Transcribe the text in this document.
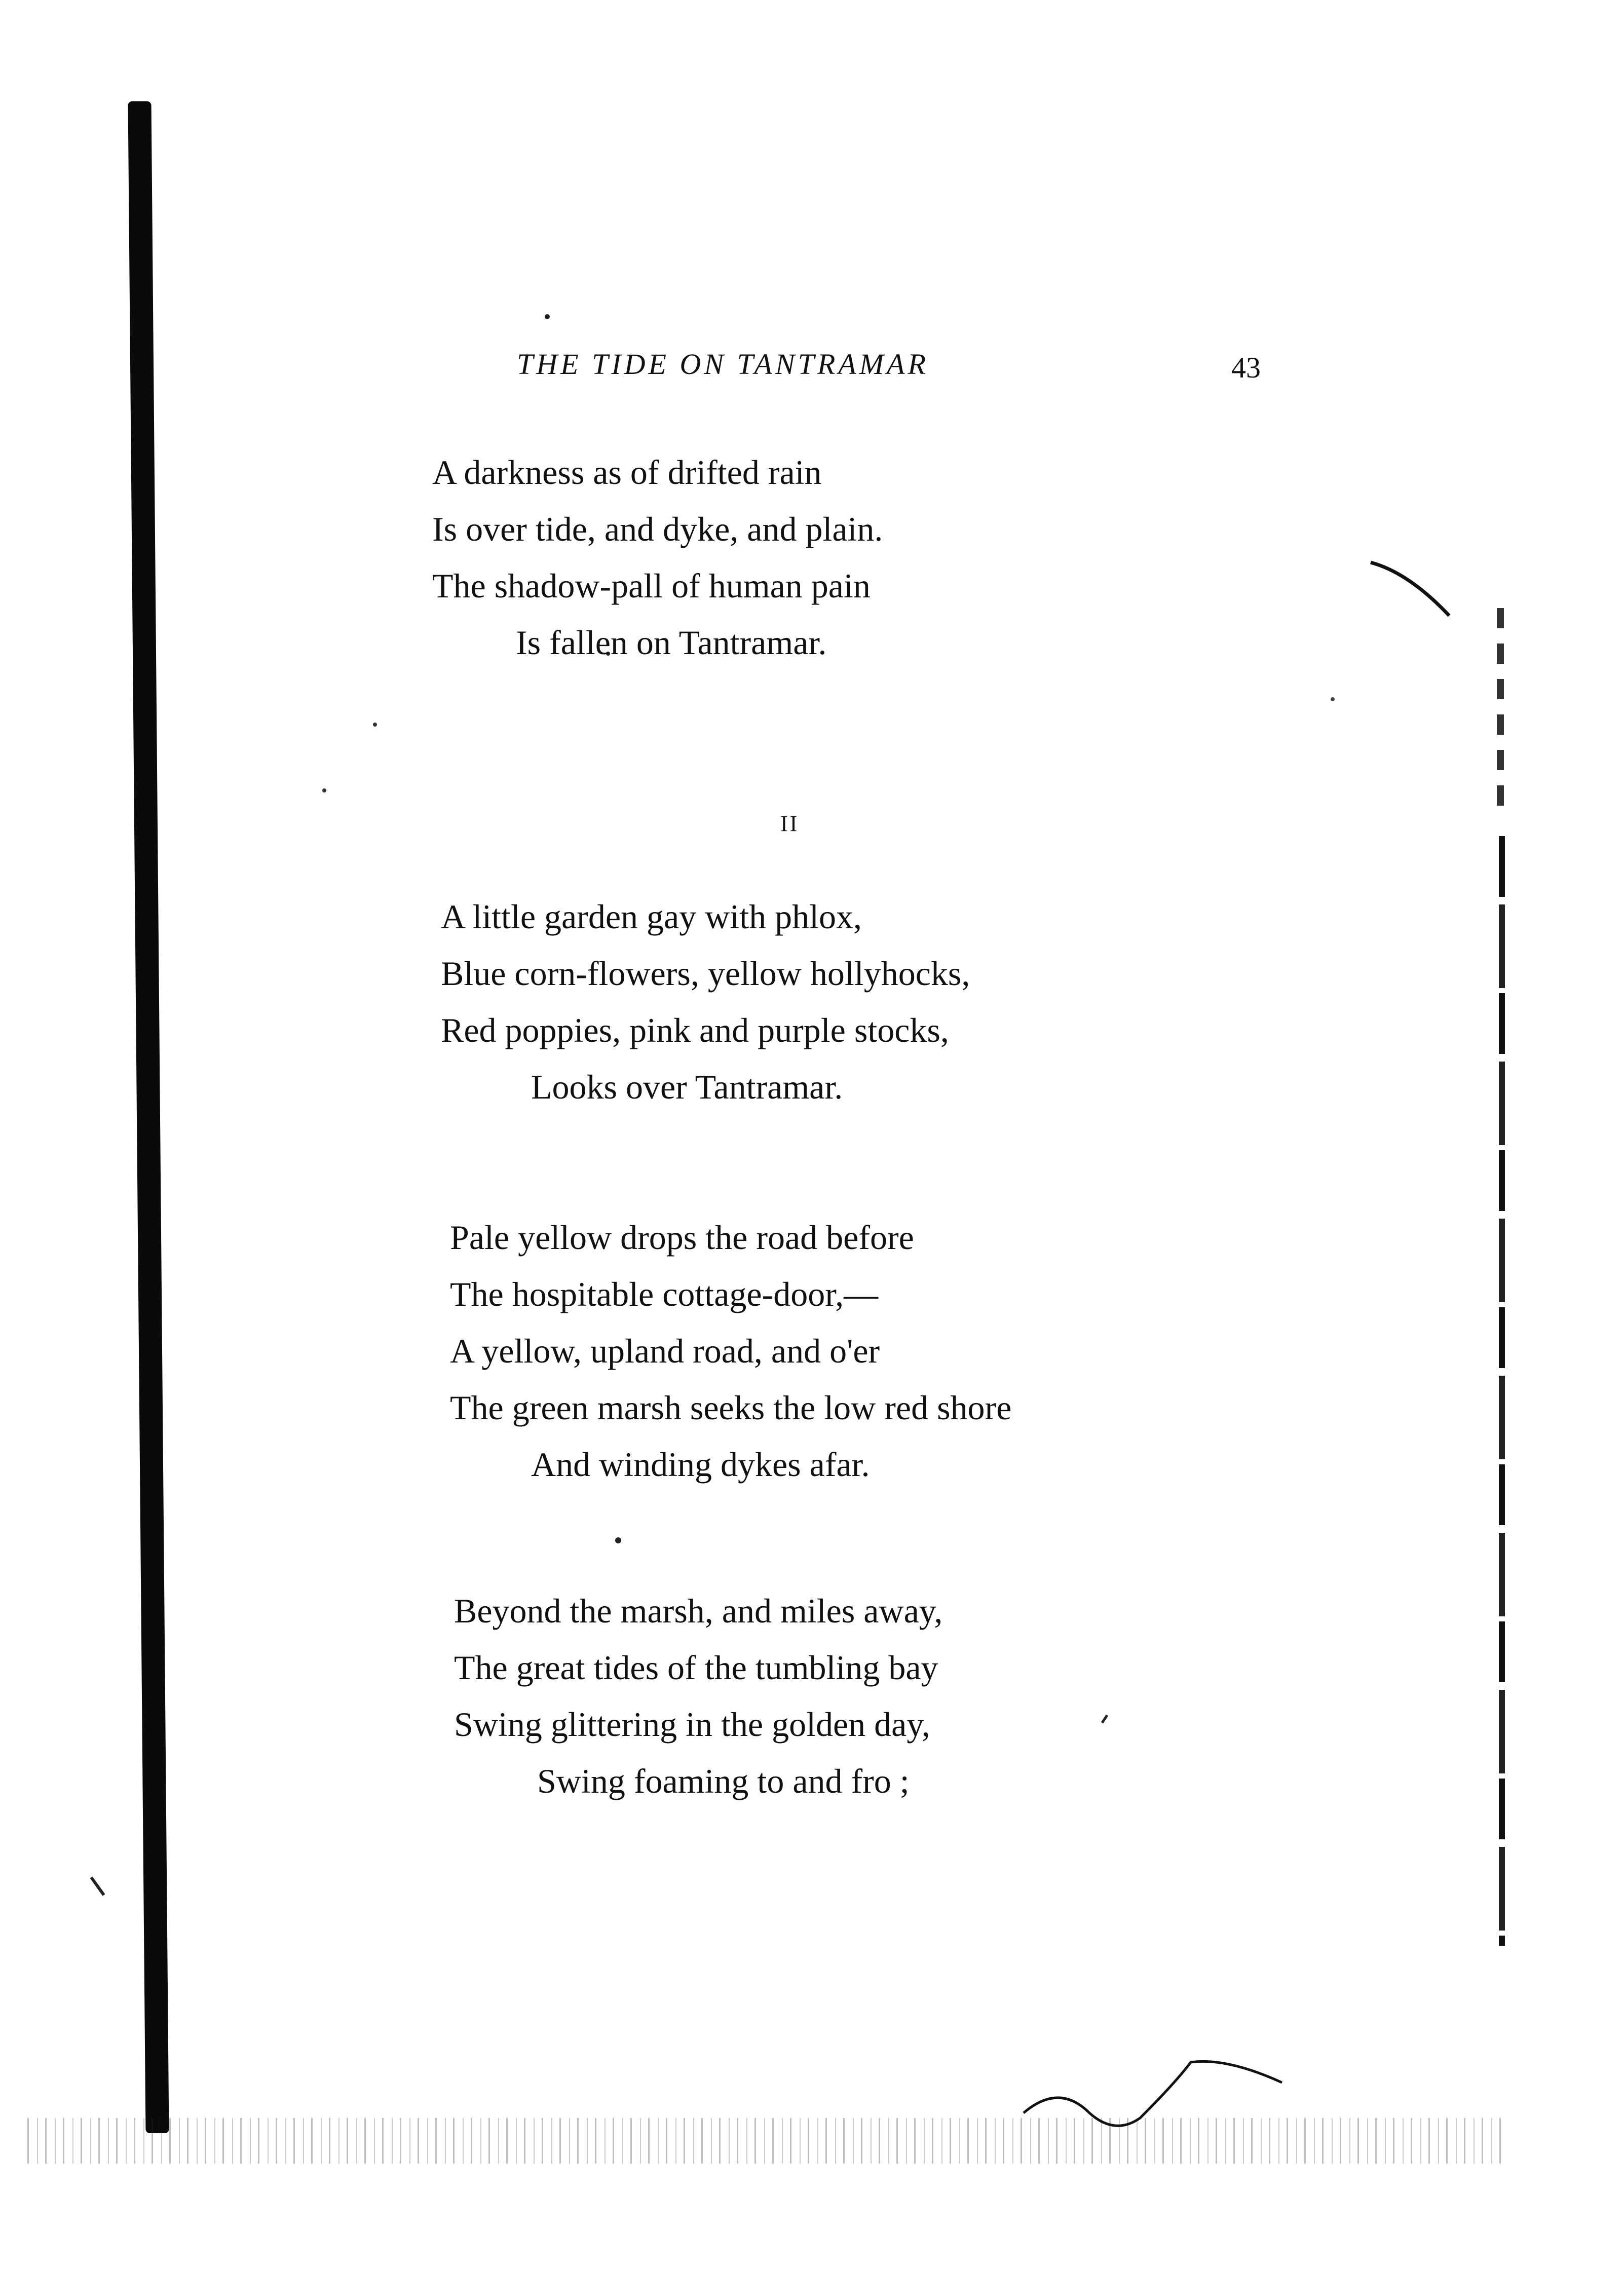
THE TIDE ON TANTRAMAR	43
A darkness as of drifted rain
Is over tide, and dyke, and plain.
The shadow-pall of human pain
Is fallen on Tantramar.
II
A little garden gay with phlox,
Blue corn-flowers, yellow hollyhocks,
Red poppies, pink and purple stocks,
Looks over Tantramar.
Pale yellow drops the road before
The hospitable cottage-door,—
A yellow, upland road, and o'er
The green marsh seeks the low red shore
And winding dykes afar.
Beyond the marsh, and miles away,
The great tides of the tumbling bay
Swing glittering in the golden day,
Swing foaming to and fro ;
